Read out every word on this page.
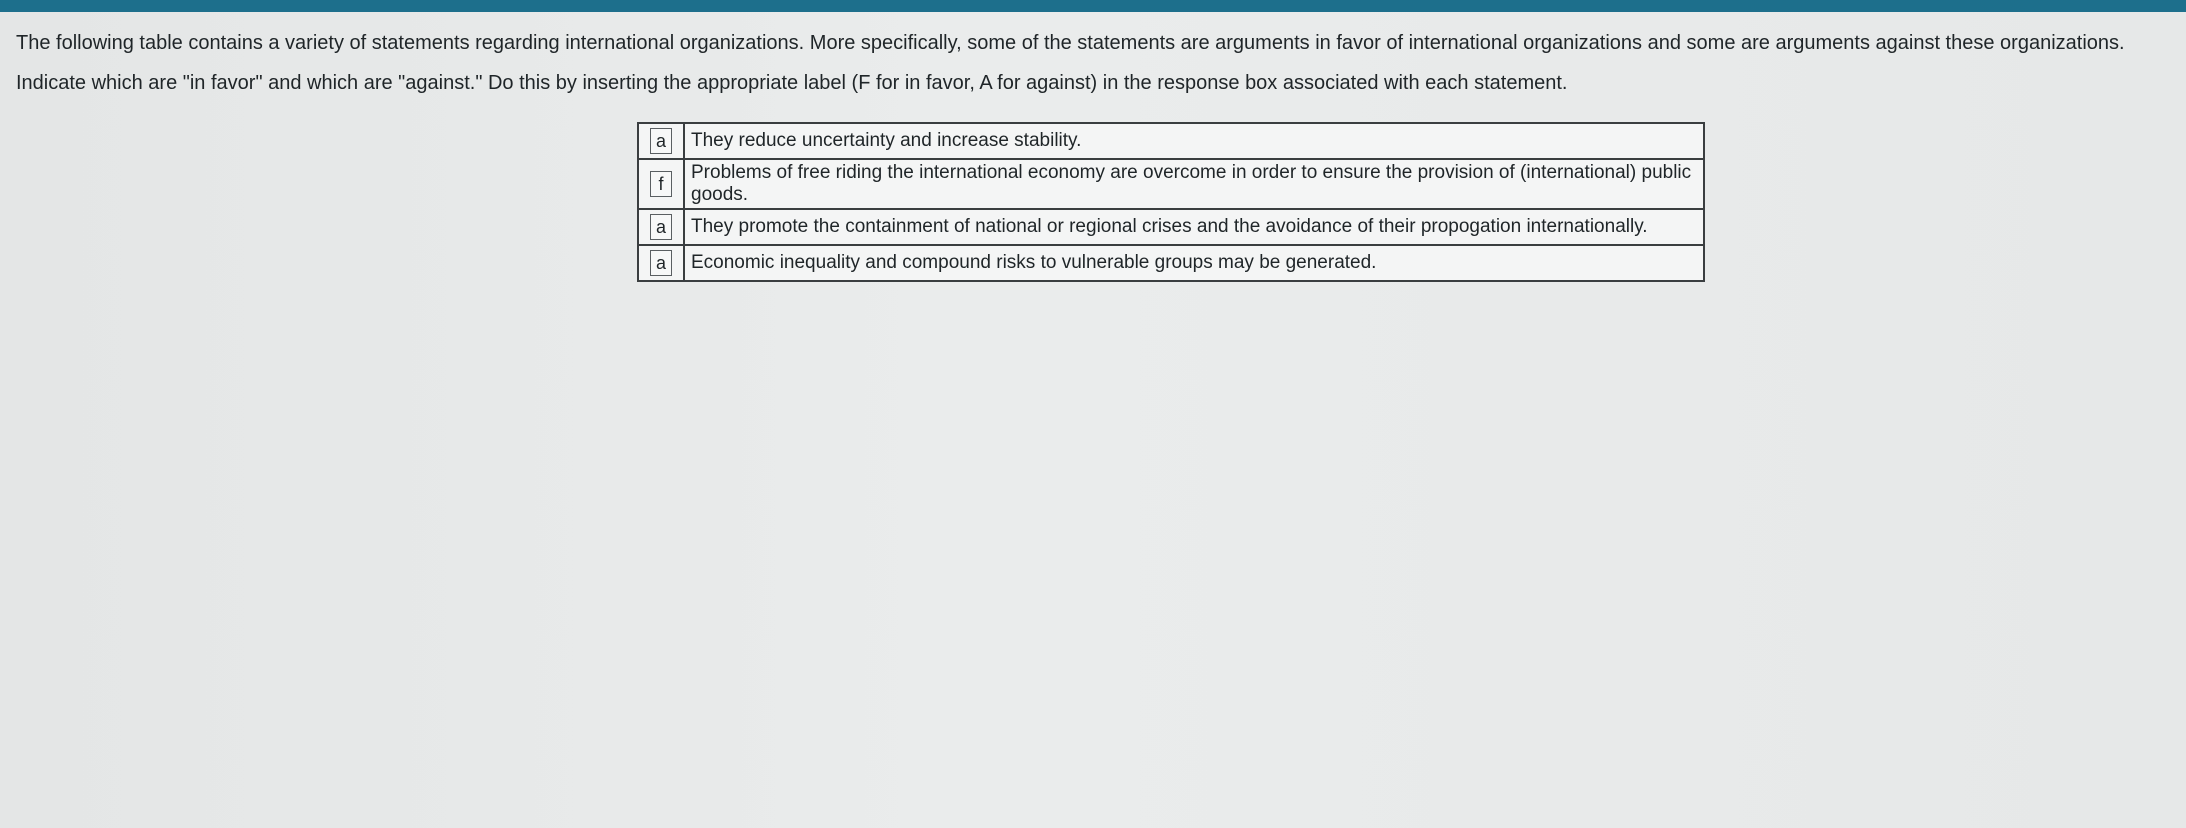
The following table contains a variety of statements regarding international organizations. More specifically, some of the statements are arguments in favor of international organizations and some are arguments against these organizations.

Indicate which are "in favor" and which are "against." Do this by inserting the appropriate label (F for in favor, A for against) in the response box associated with each statement.

a	They reduce uncertainty and increase stability.
f	Problems of free riding the international economy are overcome in order to ensure the provision of (international) public goods.
a	They promote the containment of national or regional crises and the avoidance of their propogation internationally.
a	Economic inequality and compound risks to vulnerable groups may be generated.
